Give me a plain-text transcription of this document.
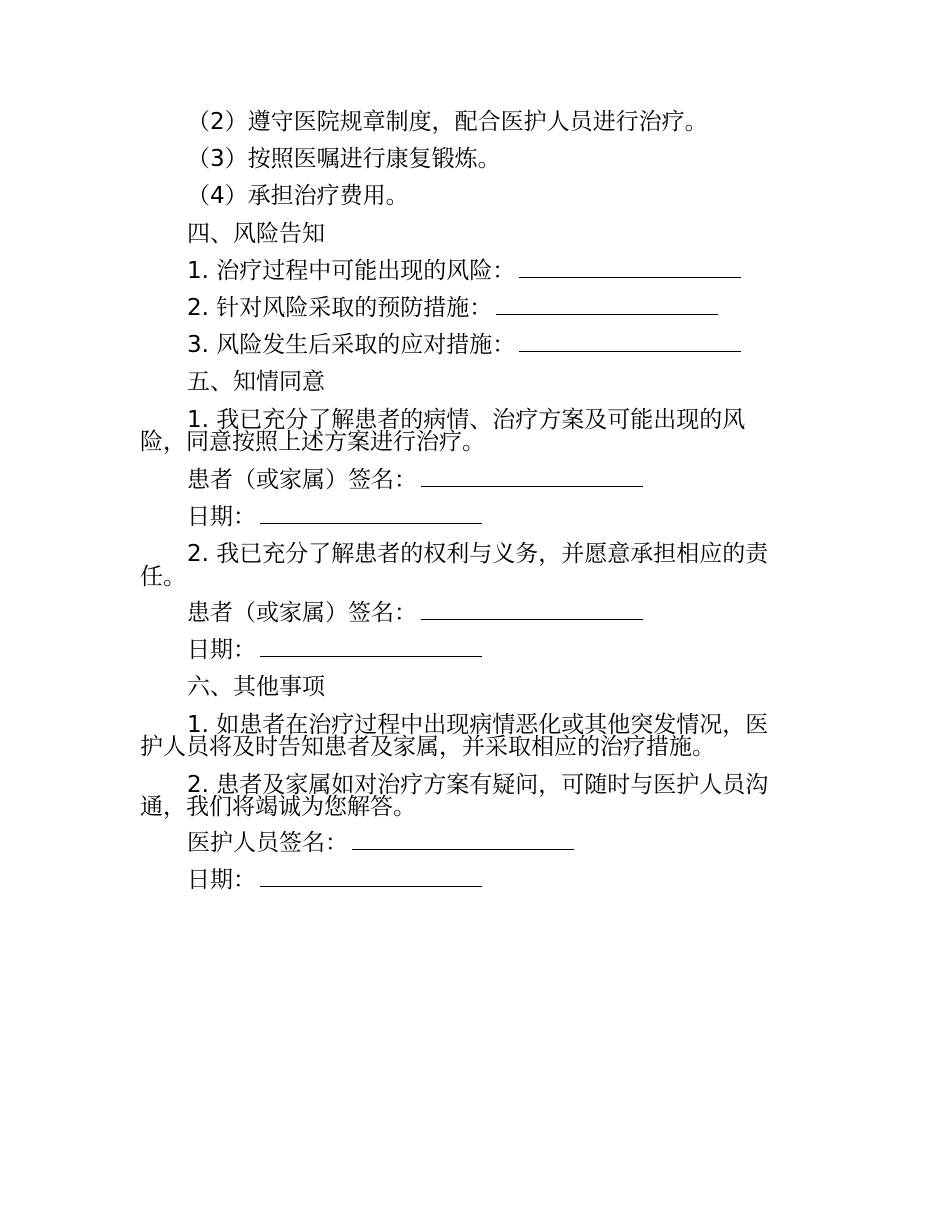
（2）遵守医院规章制度，配合医护人员进行治疗。
（3）按照医嘱进行康复锻炼。
（4）承担治疗费用。
四、风险告知
1. 治疗过程中可能出现的风险：
2. 针对风险采取的预防措施：
3. 风险发生后采取的应对措施：
五、知情同意
1. 我已充分了解患者的病情、治疗方案及可能出现的风
险，同意按照上述方案进行治疗。
患者（或家属）签名：
日期：
2. 我已充分了解患者的权利与义务，并愿意承担相应的责
任。
患者（或家属）签名：
日期：
六、其他事项
1. 如患者在治疗过程中出现病情恶化或其他突发情况，医
护人员将及时告知患者及家属，并采取相应的治疗措施。
2. 患者及家属如对治疗方案有疑问，可随时与医护人员沟
通，我们将竭诚为您解答。
医护人员签名：
日期：
